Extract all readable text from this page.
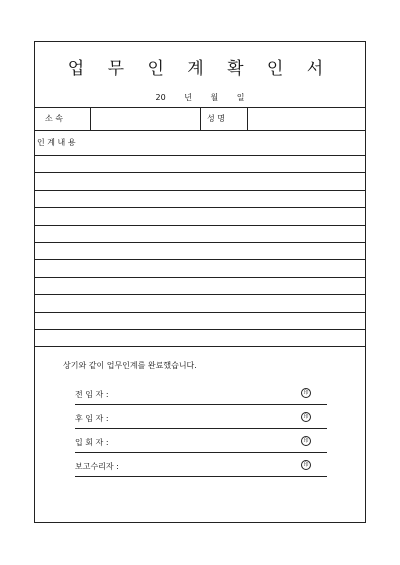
업 무 인 계 확 인 서
20 년 월 일
소 속	성 명
인 계 내 용
상기와 같이 업무인계를 완료했습니다.
전 임 자 :	印
후 임 자 :	印
입 회 자 :	印
보고수리자 :	印
